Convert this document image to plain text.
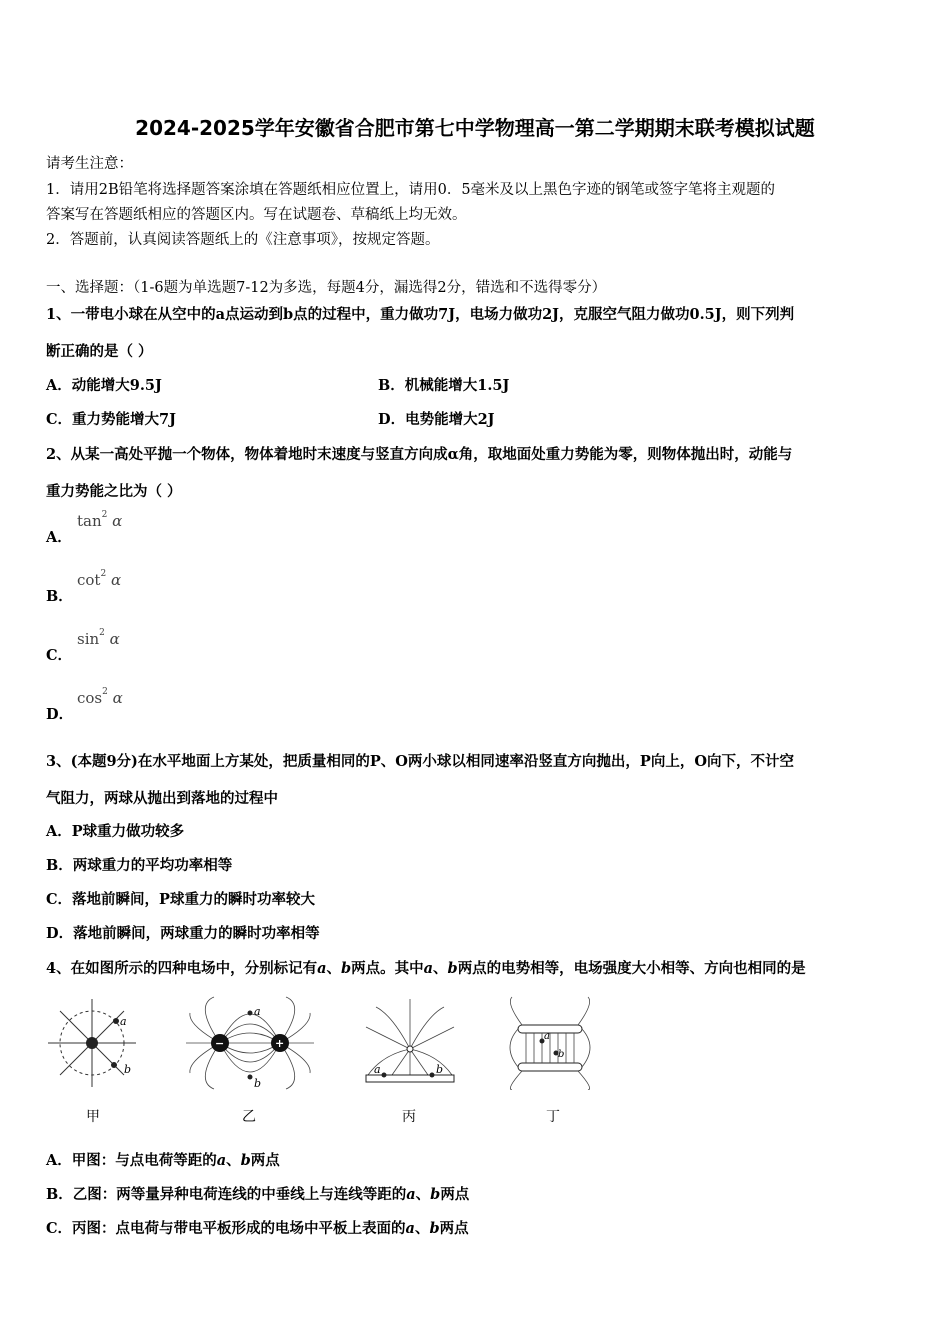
2024-2025学年安徽省合肥市第七中学物理高一第二学期期末联考模拟试题
请考生注意：
1．请用2B铅笔将选择题答案涂填在答题纸相应位置上，请用0．5毫米及以上黑色字迹的钢笔或签字笔将主观题的
答案写在答题纸相应的答题区内。写在试题卷、草稿纸上均无效。
2．答题前，认真阅读答题纸上的《注意事项》，按规定答题。
一、选择题：（1-6题为单选题7-12为多选，每题4分，漏选得2分，错选和不选得零分）
1、一带电小球在从空中的a点运动到b点的过程中，重力做功7J，电场力做功2J，克服空气阻力做功0.5J，则下列判
断正确的是（ ）
A．动能增大9.5J	B．机械能增大1.5J
C．重力势能增大7J	D．电势能增大2J
2、从某一高处平抛一个物体，物体着地时末速度与竖直方向成α角，取地面处重力势能为零，则物体抛出时，动能与
重力势能之比为（ ）
A．
$\tan^2 \alpha$
B．
$\cot^2 \alpha$
C．
$\sin^2 \alpha$
D．
$\cos^2 \alpha$
3、(本题9分)在水平地面上方某处，把质量相同的P、O两小球以相同速率沿竖直方向抛出，P向上，O向下，不计空
气阻力，两球从抛出到落地的过程中
A．P球重力做功较多
B．两球重力的平均功率相等
C．落地前瞬间，P球重力的瞬时功率较大
D．落地前瞬间，两球重力的瞬时功率相等
4、在如图所示的四种电场中，分别标记有a、b两点。其中a、b两点的电势相等，电场强度大小相等、方向也相同的是
a
b
甲
−	+
a
b
乙
a	b
丙
a
b
丁
A．甲图：与点电荷等距的a、b两点
B．乙图：两等量异种电荷连线的中垂线上与连线等距的a、b两点
C．丙图：点电荷与带电平板形成的电场中平板上表面的a、b两点
